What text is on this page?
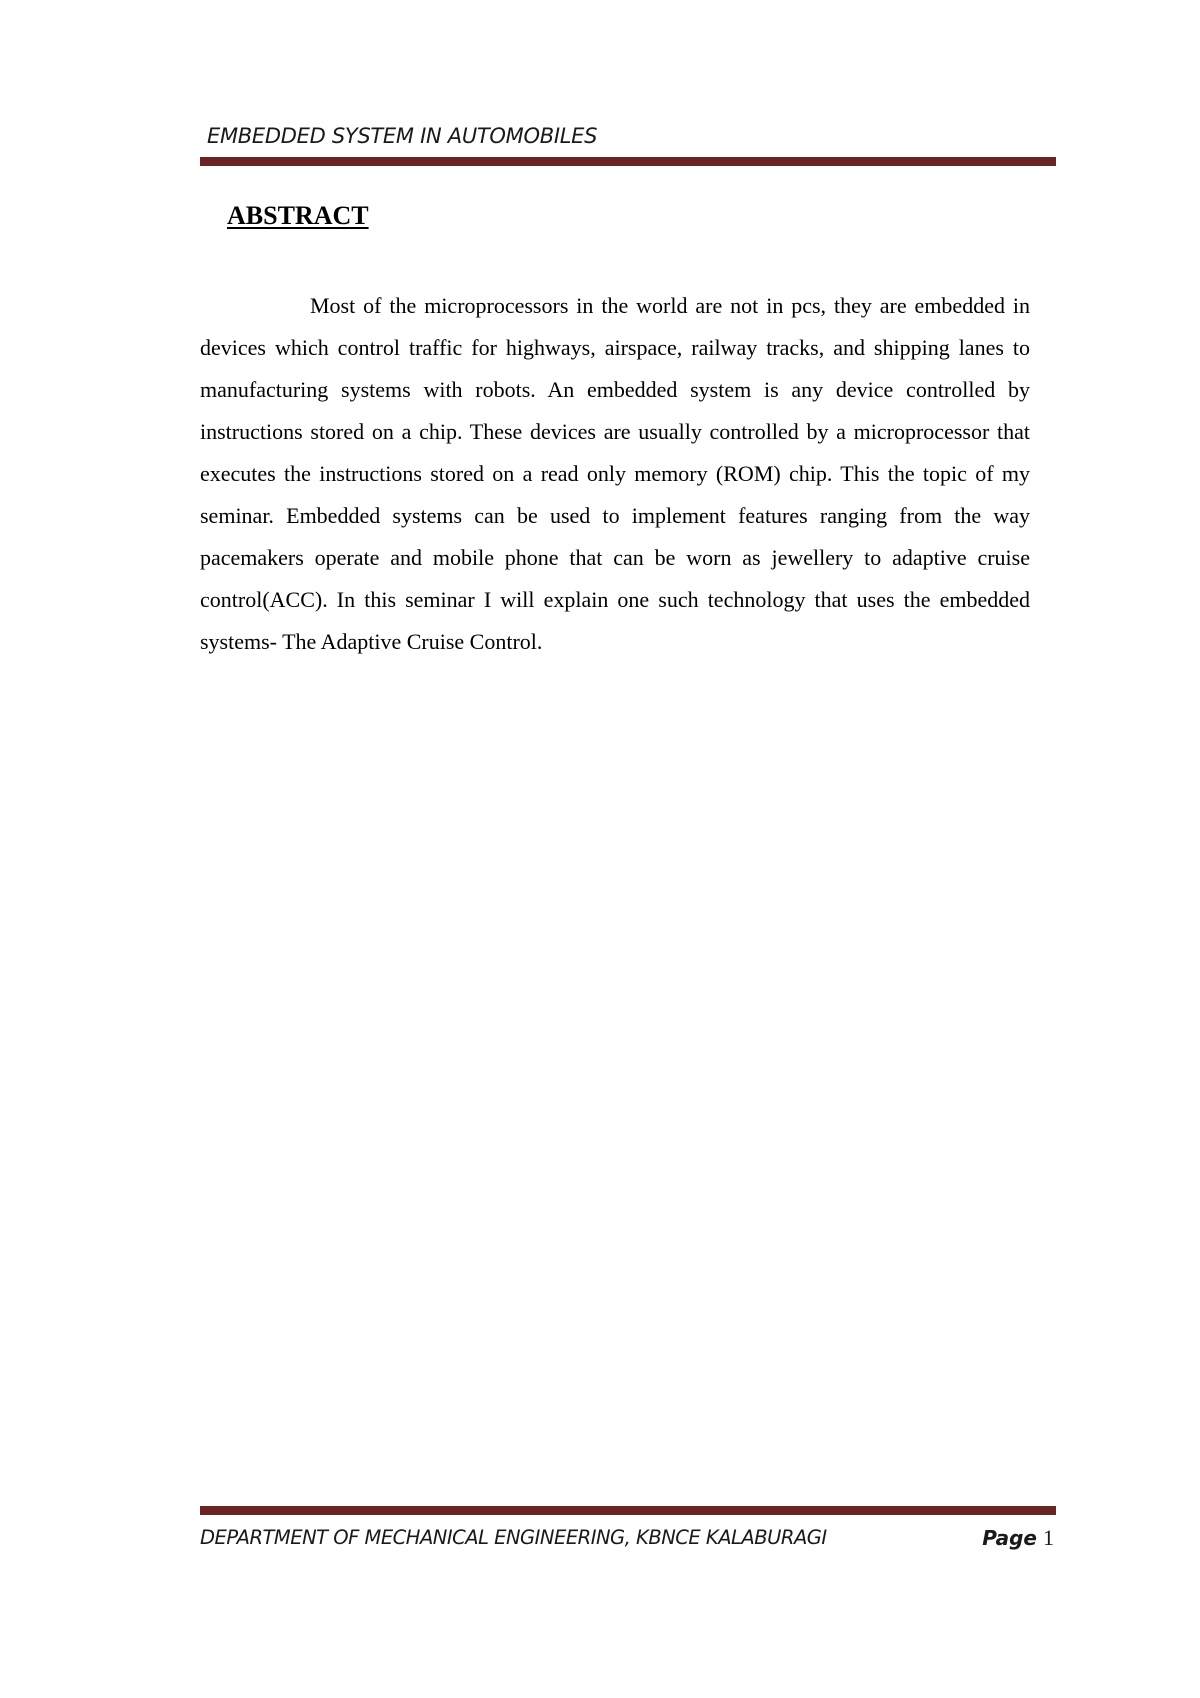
EMBEDDED SYSTEM IN AUTOMOBILES
ABSTRACT

Most of the microprocessors in the world are not in pcs, they are embedded in devices which control traffic for highways, airspace, railway tracks, and shipping lanes to manufacturing systems with robots. An embedded system is any device controlled by instructions stored on a chip. These devices are usually controlled by a microprocessor that executes the instructions stored on a read only memory (ROM) chip. This the topic of my seminar. Embedded systems can be used to implement features ranging from the way pacemakers operate and mobile phone that can be worn as jewellery to adaptive cruise control(ACC). In this seminar I will explain one such technology that uses the embedded systems- The Adaptive Cruise Control.

DEPARTMENT OF MECHANICAL ENGINEERING, KBNCE KALABURAGI	Page 1
